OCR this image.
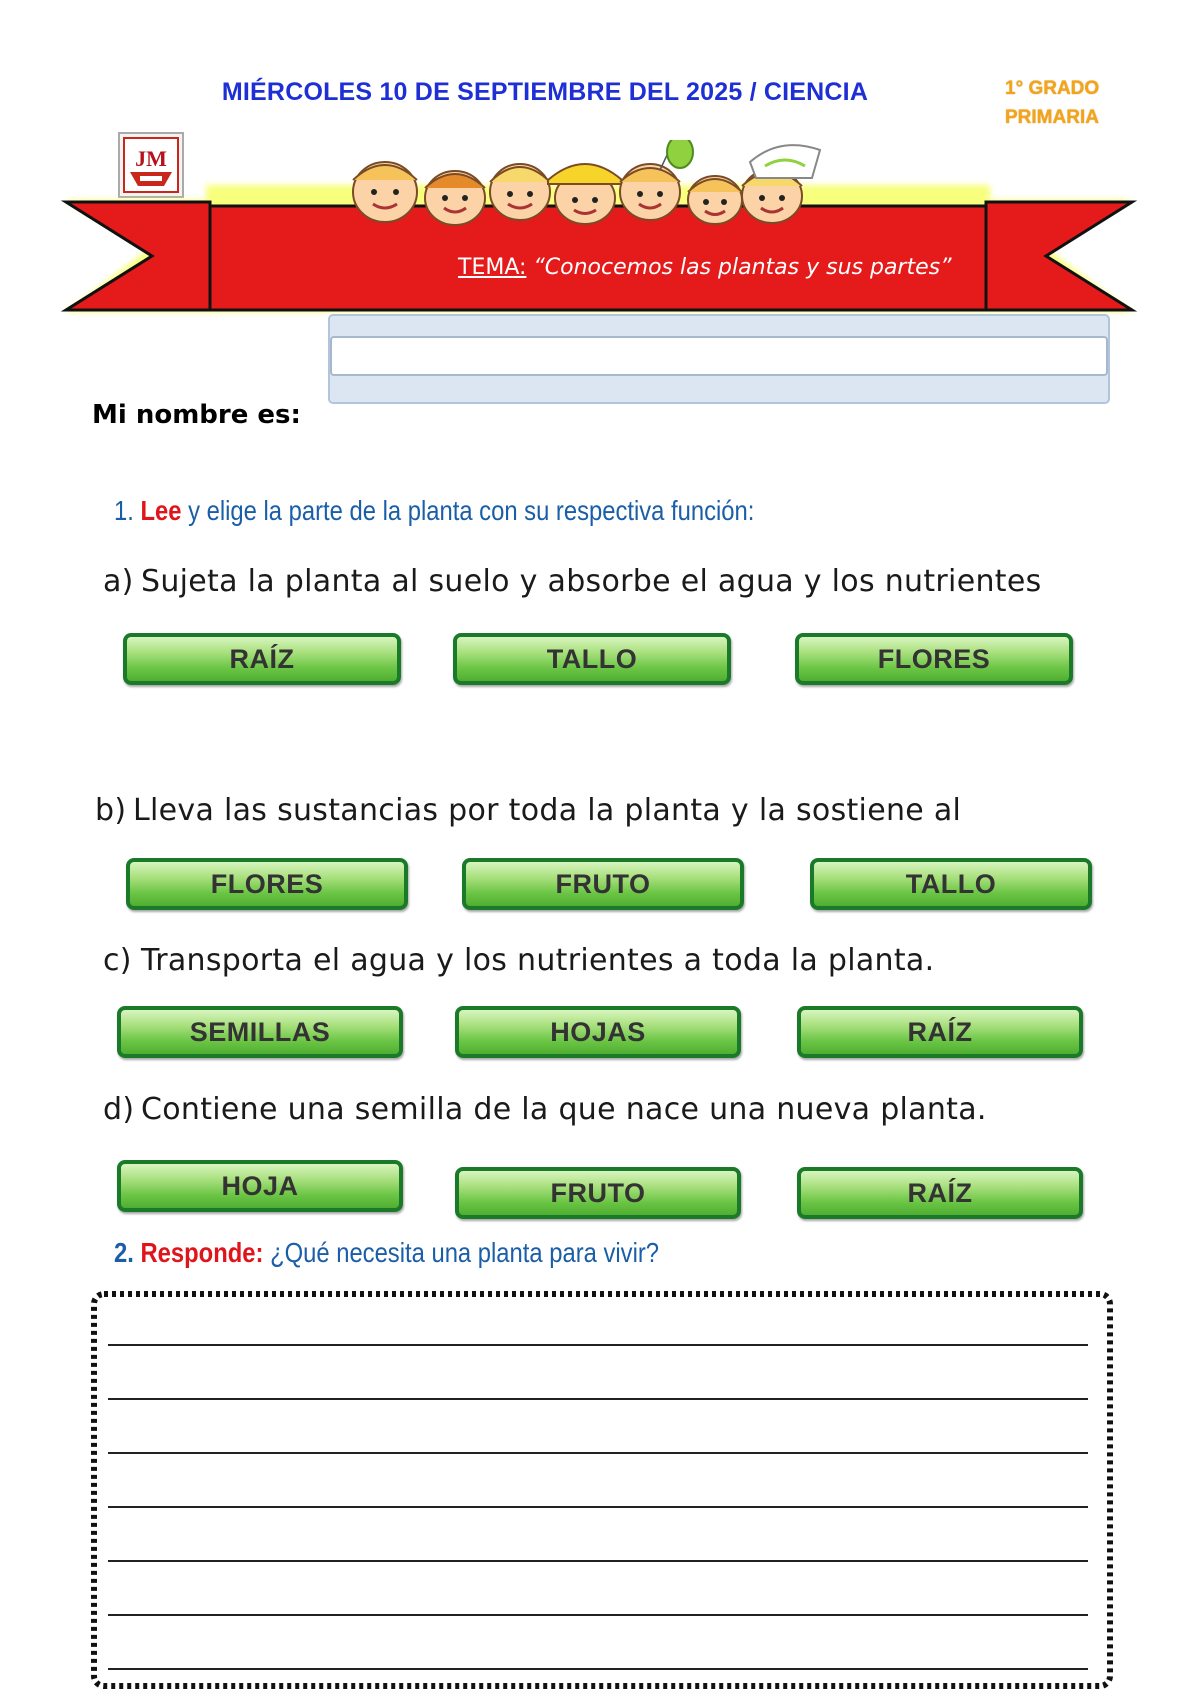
MIÉRCOLES 10 DE SEPTIEMBRE DEL 2025 / CIENCIA	1° GRADO
PRIMARIA
JM
TEMA: “Conocemos las plantas y sus partes”
Mi nombre es:
1. Lee y elige la parte de la planta con su respectiva función:
a) Sujeta la planta al suelo y absorbe el agua y los nutrientes
RAÍZ	TALLO	FLORES
b) Lleva las sustancias por toda la planta y la sostiene al
FLORES	FRUTO	TALLO
c) Transporta el agua y los nutrientes a toda la planta.
SEMILLAS	HOJAS	RAÍZ
d) Contiene una semilla de la que nace una nueva planta.
HOJA	FRUTO	RAÍZ
2. Responde: ¿Qué necesita una planta para vivir?
